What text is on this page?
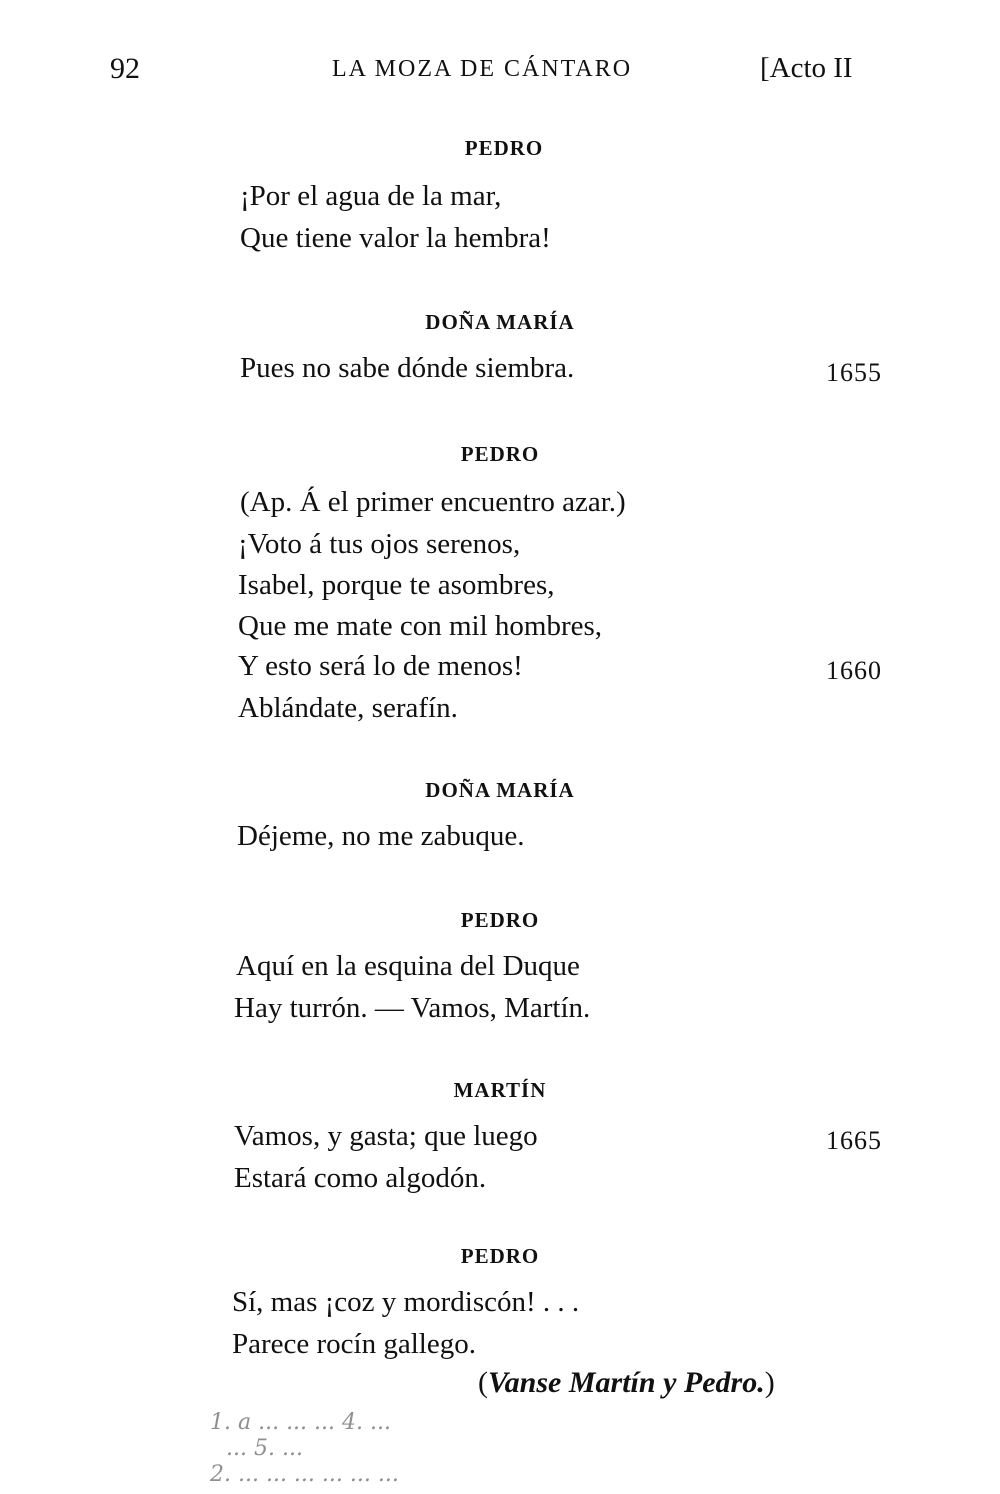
92	LA MOZA DE CÁNTARO	[Acto II
PEDRO
¡Por el agua de la mar,
Que tiene valor la hembra!
DOÑA MARÍA
Pues no sabe dónde siembra.	1655
PEDRO
(Ap. Á el primer encuentro azar.)
¡Voto á tus ojos serenos,
Isabel, porque te asombres,
Que me mate con mil hombres,
Y esto será lo de menos!	1660
Ablándate, serafín.
DOÑA MARÍA
Déjeme, no me zabuque.
PEDRO
Aquí en la esquina del Duque
Hay turrón. — Vamos, Martín.
MARTÍN
Vamos, y gasta; que luego	1665
Estará como algodón.
PEDRO
Sí, mas ¡coz y mordiscón! . . .
Parece rocín gallego.
(Vanse Martín y Pedro.)
1. a ... ... ... 4. ...
... 5. ...
2. ... ... ... ... ... ...
